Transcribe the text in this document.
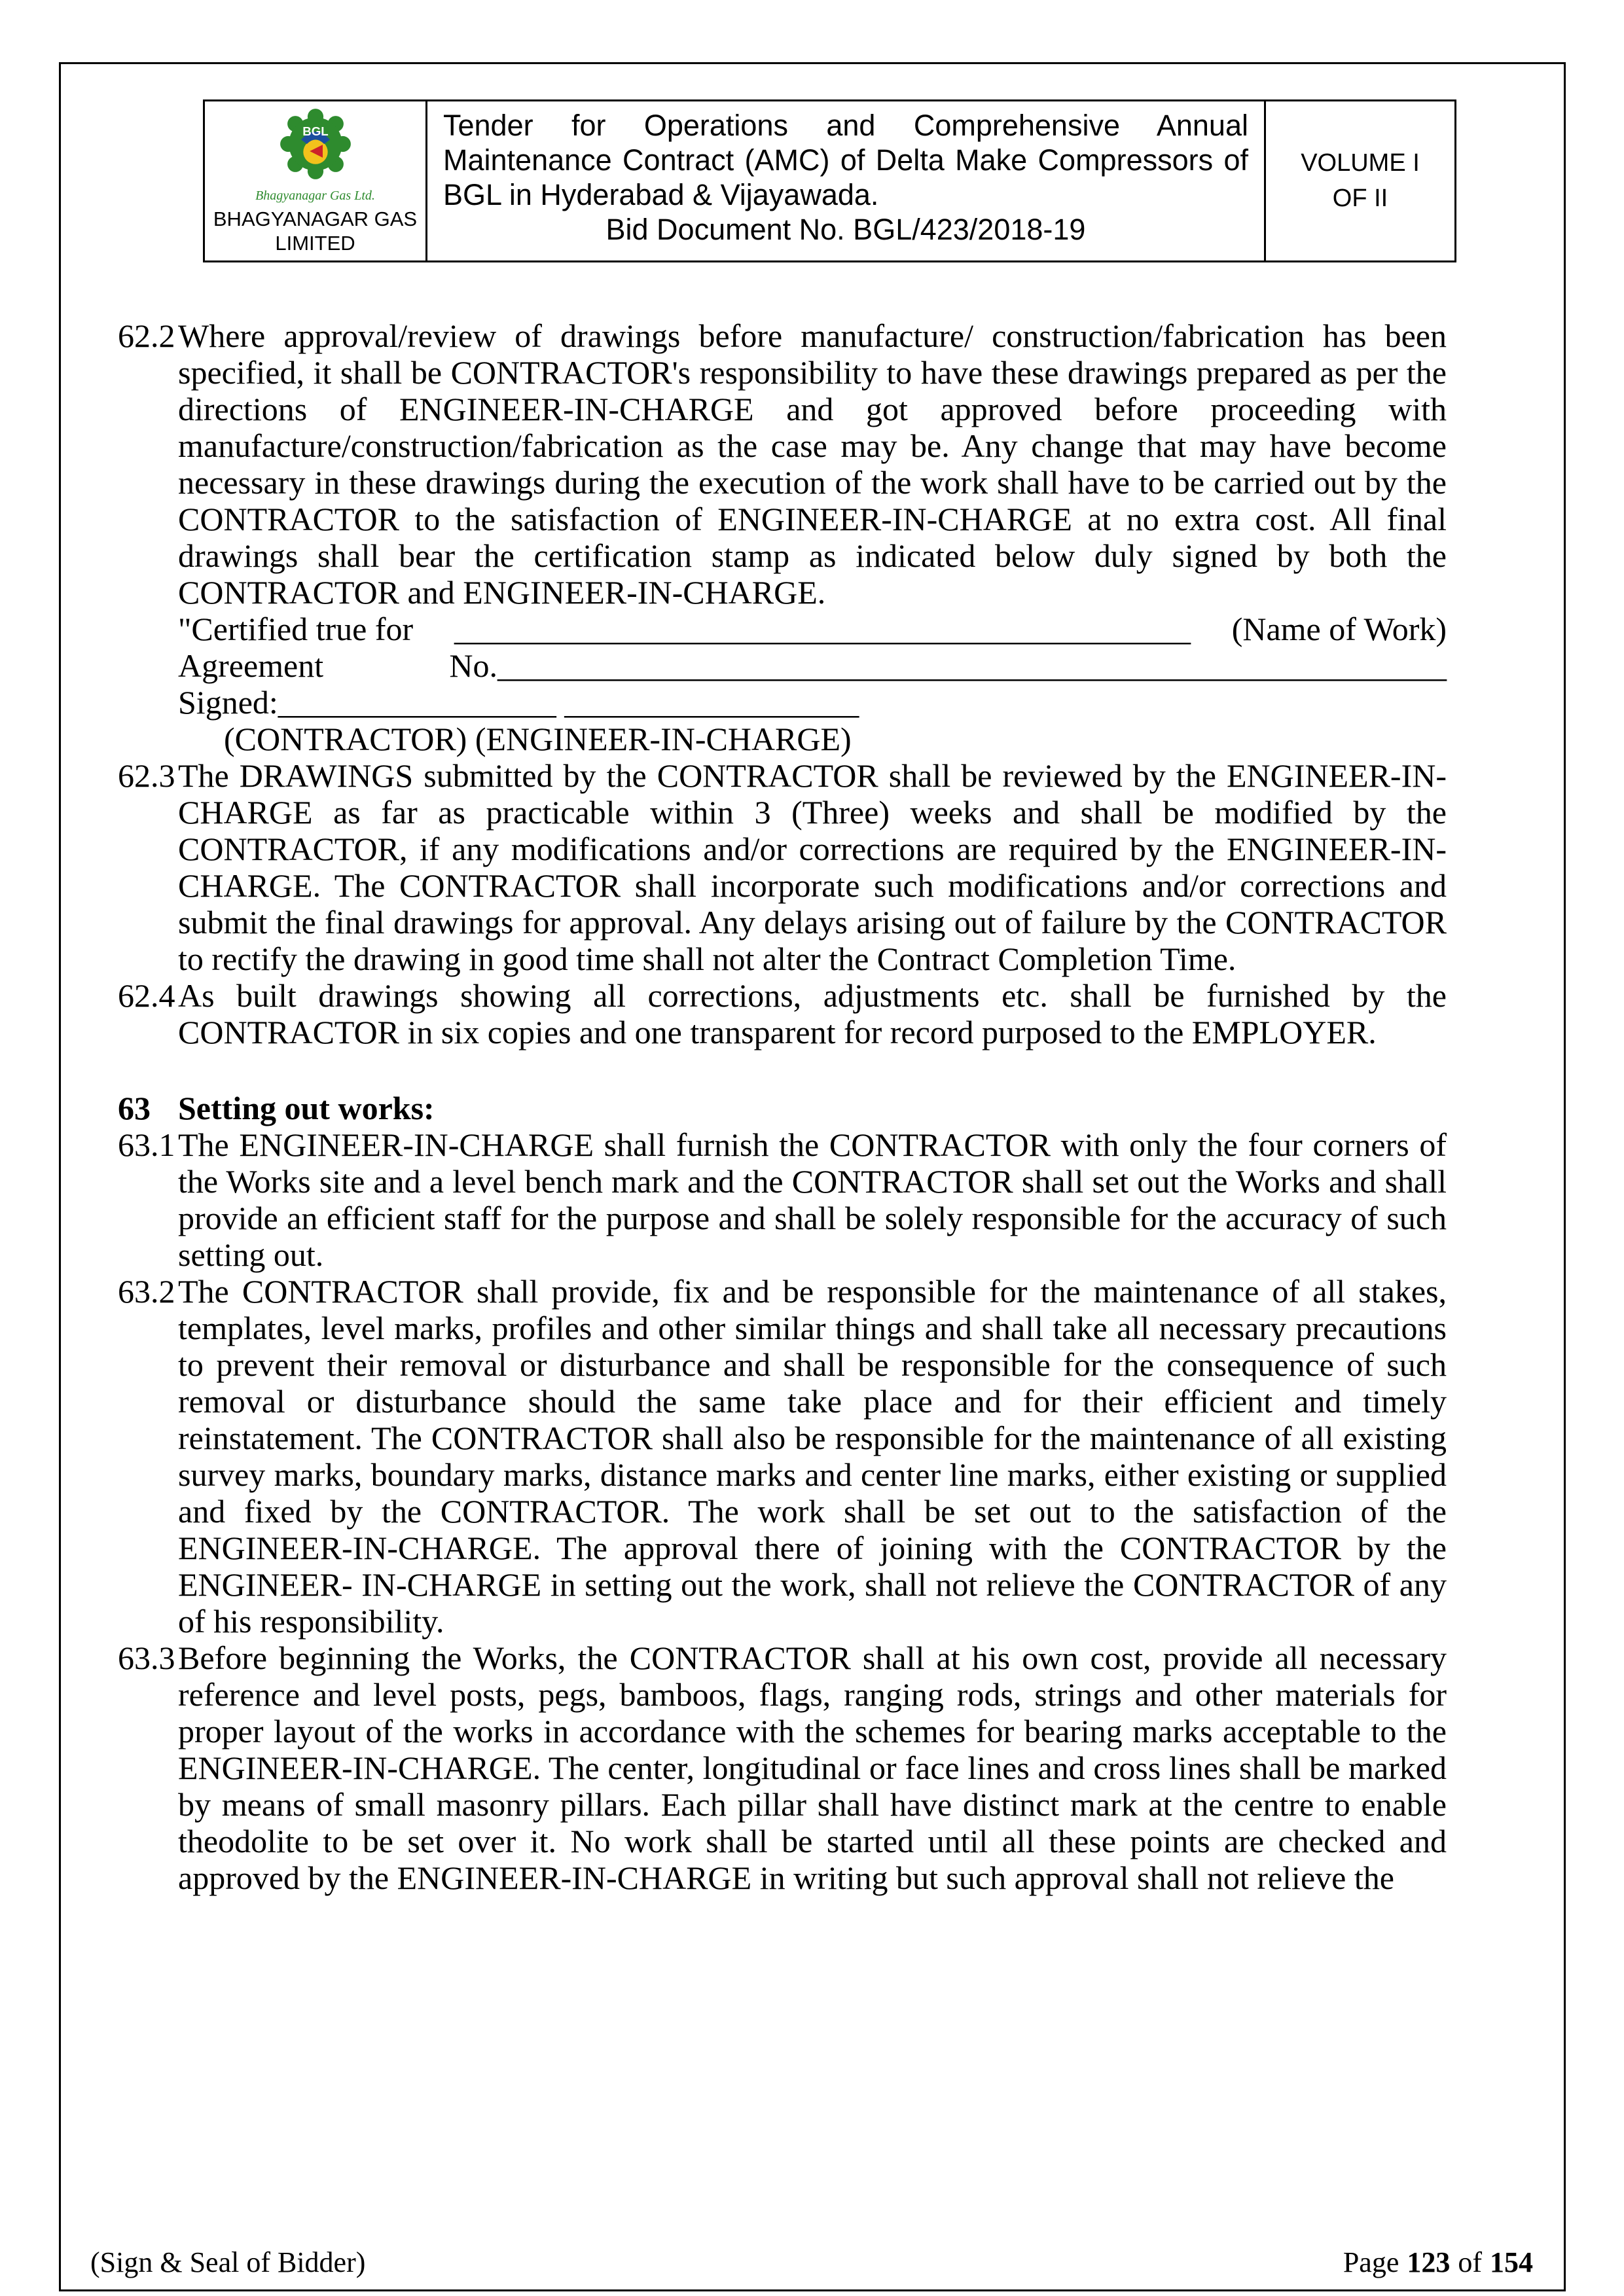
BGL
Bhagyanagar Gas Ltd.
BHAGYANAGAR GAS
LIMITED
Tender for Operations and Comprehensive Annual Maintenance Contract (AMC) of Delta Make Compressors of BGL in Hyderabad & Vijayawada.
Bid Document No. BGL/423/2018-19
VOLUME I
OF II
62.2 Where approval/review of drawings before manufacture/ construction/fabrication has been specified, it shall be CONTRACTOR's responsibility to have these drawings prepared as per the directions of ENGINEER-IN-CHARGE and got approved before proceeding with manufacture/construction/fabrication as the case may be. Any change that may have become necessary in these drawings during the execution of the work shall have to be carried out by the CONTRACTOR to the satisfaction of ENGINEER-IN-CHARGE at no extra cost. All final drawings shall bear the certification stamp as indicated below duly signed by both the CONTRACTOR and ENGINEER-IN-CHARGE.

"Certified true for _____________________________________________ (Name of Work)
Agreement	No.__________________________________________________________
Signed:_________________ __________________
(CONTRACTOR) (ENGINEER-IN-CHARGE)
62.3 The DRAWINGS submitted by the CONTRACTOR shall be reviewed by the ENGINEER-IN-CHARGE as far as practicable within 3 (Three) weeks and shall be modified by the CONTRACTOR, if any modifications and/or corrections are required by the ENGINEER-IN-CHARGE. The CONTRACTOR shall incorporate such modifications and/or corrections and submit the final drawings for approval. Any delays arising out of failure by the CONTRACTOR to rectify the drawing in good time shall not alter the Contract Completion Time.

62.4 As built drawings showing all corrections, adjustments etc. shall be furnished by the CONTRACTOR in six copies and one transparent for record purposed to the EMPLOYER.

63 Setting out works:

63.1 The ENGINEER-IN-CHARGE shall furnish the CONTRACTOR with only the four corners of the Works site and a level bench mark and the CONTRACTOR shall set out the Works and shall provide an efficient staff for the purpose and shall be solely responsible for the accuracy of such setting out.

63.2 The CONTRACTOR shall provide, fix and be responsible for the maintenance of all stakes, templates, level marks, profiles and other similar things and shall take all necessary precautions to prevent their removal or disturbance and shall be responsible for the consequence of such removal or disturbance should the same take place and for their efficient and timely reinstatement. The CONTRACTOR shall also be responsible for the maintenance of all existing survey marks, boundary marks, distance marks and center line marks, either existing or supplied and fixed by the CONTRACTOR. The work shall be set out to the satisfaction of the ENGINEER-IN-CHARGE. The approval there of joining with the CONTRACTOR by the ENGINEER- IN-CHARGE in setting out the work, shall not relieve the CONTRACTOR of any of his responsibility.

63.3 Before beginning the Works, the CONTRACTOR shall at his own cost, provide all necessary reference and level posts, pegs, bamboos, flags, ranging rods, strings and other materials for proper layout of the works in accordance with the schemes for bearing marks acceptable to the ENGINEER-IN-CHARGE. The center, longitudinal or face lines and cross lines shall be marked by means of small masonry pillars. Each pillar shall have distinct mark at the centre to enable theodolite to be set over it. No work shall be started until all these points are checked and approved by the ENGINEER-IN-CHARGE in writing but such approval shall not relieve the

(Sign & Seal of Bidder)	Page 123 of 154
